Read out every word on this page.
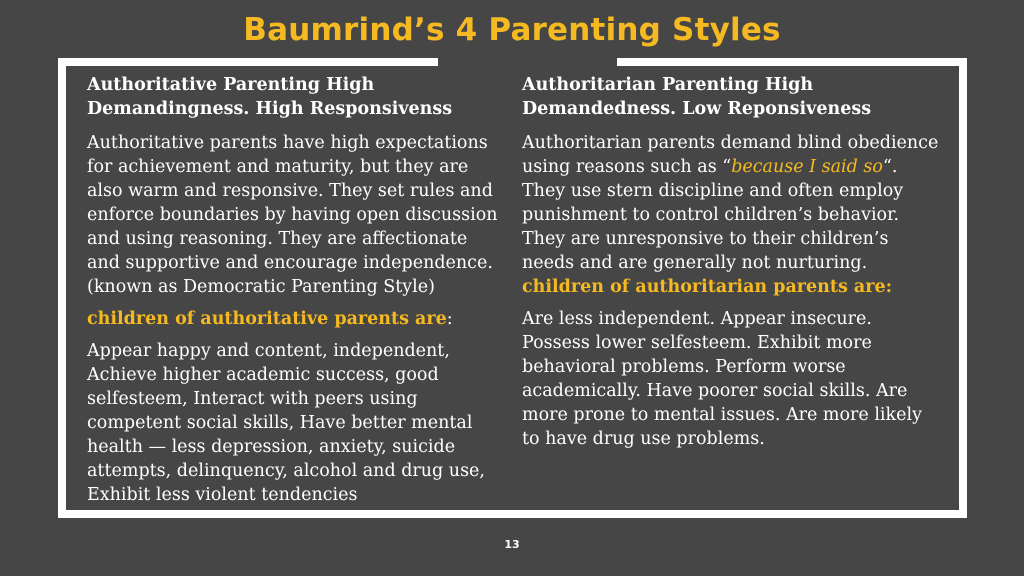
Baumrind’s 4 Parenting Styles
Authoritative Parenting High Demandingness. High Responsivenss
Authoritative parents have high expectations for achievement and maturity, but they are also warm and responsive. They set rules and enforce boundaries by having open discussion and using reasoning. They are affectionate and supportive and encourage independence. (known as Democratic Parenting Style)
children of authoritative parents are:
Appear happy and content, independent, Achieve higher academic success, good selfesteem, Interact with peers using competent social skills, Have better mental health — less depression, anxiety, suicide attempts, delinquency, alcohol and drug use, Exhibit less violent tendencies
Authoritarian Parenting High Demandedness. Low Reponsiveness
Authoritarian parents demand blind obedience using reasons such as “because I said so“. They use stern discipline and often employ punishment to control children’s behavior.
They are unresponsive to their children’s needs and are generally not nurturing.
children of authoritarian parents are:
Are less independent. Appear insecure. Possess lower selfesteem. Exhibit more behavioral problems. Perform worse academically. Have poorer social skills. Are more prone to mental issues. Are more likely to have drug use problems.
13
